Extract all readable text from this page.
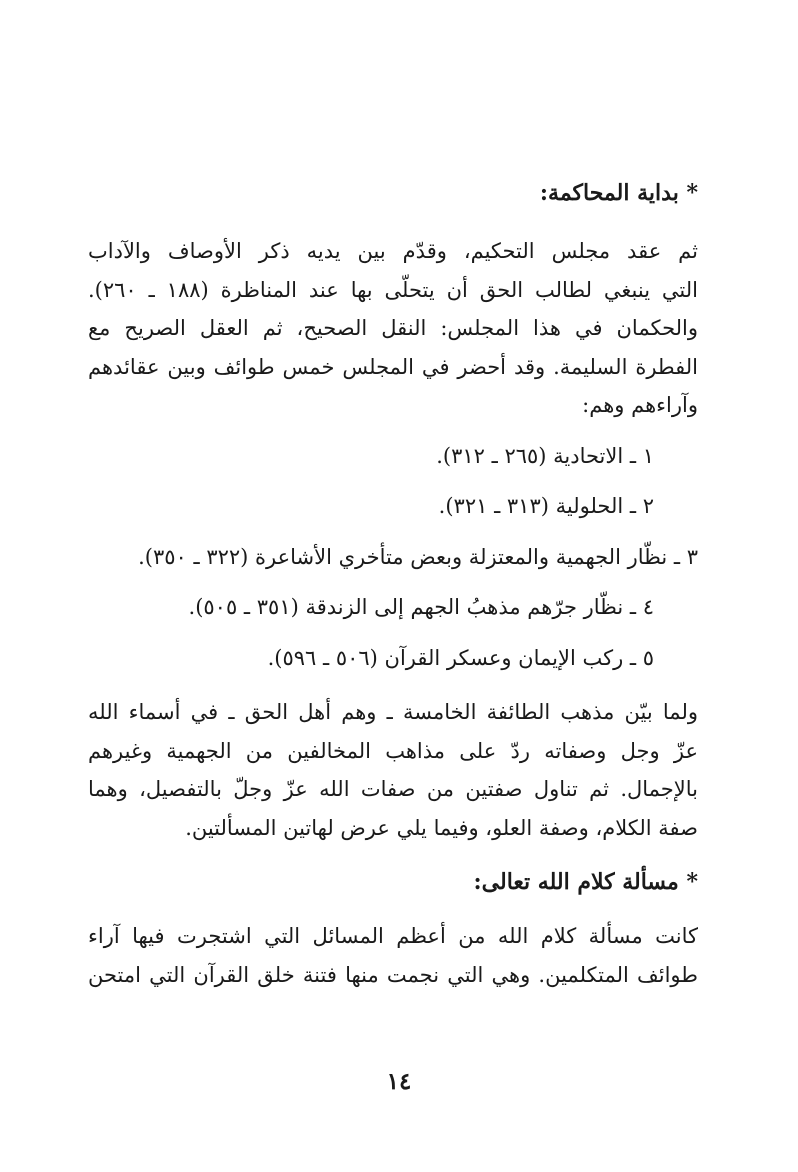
* بداية المحاكمة:

ثم عقد مجلس التحكيم، وقدّم بين يديه ذكر الأوصاف والآداب
التي ينبغي لطالب الحق أن يتحلّى بها عند المناظرة (١٨٨ ـ ٢٦٠).
والحكمان في هذا المجلس: النقل الصحيح، ثم العقل الصريح مع
الفطرة السليمة. وقد أحضر في المجلس خمس طوائف وبين عقائدهم
وآراءهم وهم:

١ ـ الاتحادية (٢٦٥ ـ ٣١٢).

٢ ـ الحلولية (٣١٣ ـ ٣٢١).

٣ ـ نظّار الجهمية والمعتزلة وبعض متأخري الأشاعرة (٣٢٢ ـ ٣٥٠).

٤ ـ نظّار جرّهم مذهبُ الجهم إلى الزندقة (٣٥١ ـ ٥٠٥).

٥ ـ ركب الإيمان وعسكر القرآن (٥٠٦ ـ ٥٩٦).

ولما بيّن مذهب الطائفة الخامسة ـ وهم أهل الحق ـ في أسماء الله
عزّ وجل وصفاته ردّ على مذاهب المخالفين من الجهمية وغيرهم
بالإجمال. ثم تناول صفتين من صفات الله عزّ وجلّ بالتفصيل، وهما
صفة الكلام، وصفة العلو، وفيما يلي عرض لهاتين المسألتين.

* مسألة كلام الله تعالى:

كانت مسألة كلام الله من أعظم المسائل التي اشتجرت فيها آراء
طوائف المتكلمين. وهي التي نجمت منها فتنة خلق القرآن التي امتحن

١٤
